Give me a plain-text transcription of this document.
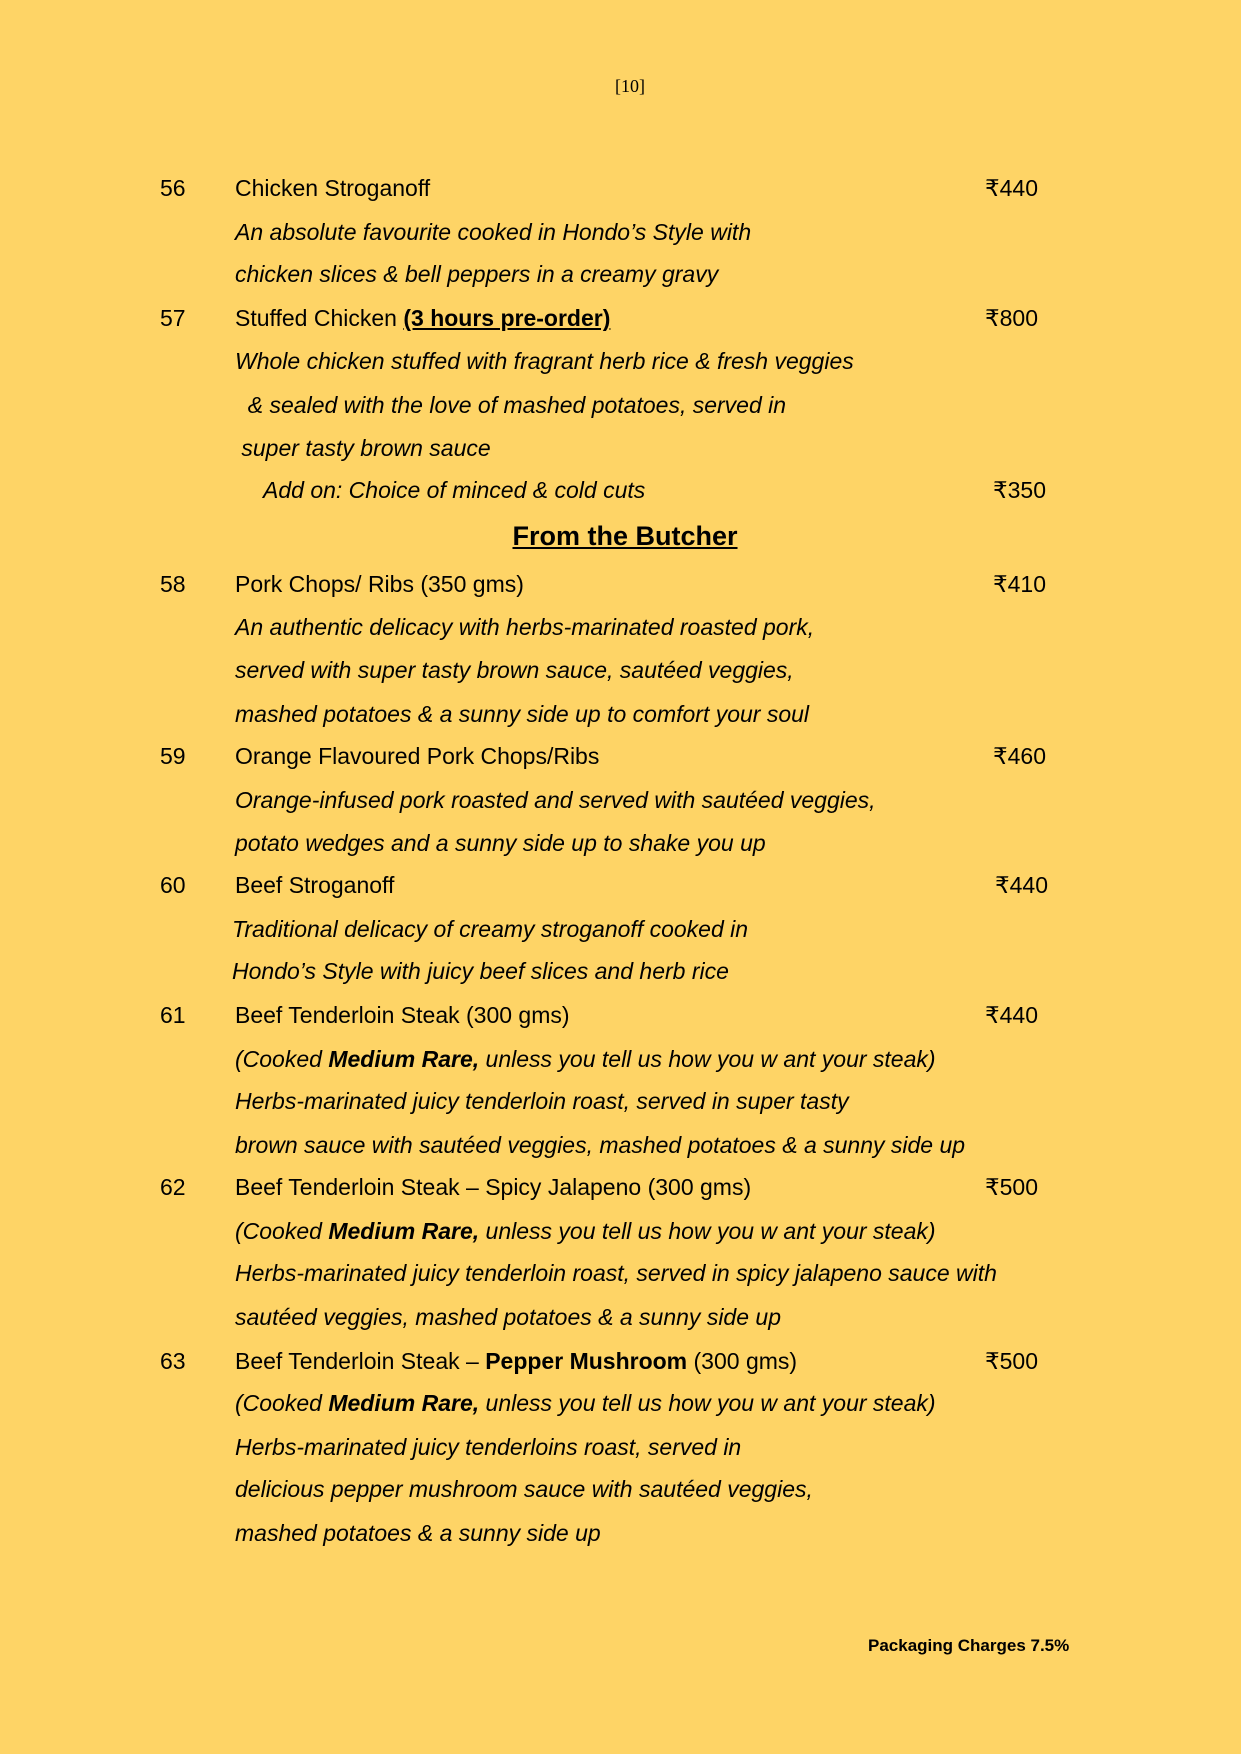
[10]
56 Chicken Stroganoff	₹440
An absolute favourite cooked in Hondo’s Style with
chicken slices & bell peppers in a creamy gravy
57 Stuffed Chicken (3 hours pre-order)	₹800
Whole chicken stuffed with fragrant herb rice & fresh veggies
& sealed with the love of mashed potatoes, served in
super tasty brown sauce
Add on: Choice of minced & cold cuts	₹350
58 Pork Chops/ Ribs (350 gms)	₹410
An authentic delicacy with herbs-marinated roasted pork,
served with super tasty brown sauce, sautéed veggies,
mashed potatoes & a sunny side up to comfort your soul
59 Orange Flavoured Pork Chops/Ribs	₹460
Orange-infused pork roasted and served with sautéed veggies,
potato wedges and a sunny side up to shake you up
60 Beef Stroganoff	₹440
Traditional delicacy of creamy stroganoff cooked in
Hondo’s Style with juicy beef slices and herb rice
61 Beef Tenderloin Steak (300 gms)	₹440
(Cooked Medium Rare, unless you tell us how you w ant your steak)
Herbs-marinated juicy tenderloin roast, served in super tasty
brown sauce with sautéed veggies, mashed potatoes & a sunny side up
62 Beef Tenderloin Steak – Spicy Jalapeno (300 gms)	₹500
(Cooked Medium Rare, unless you tell us how you w ant your steak)
Herbs-marinated juicy tenderloin roast, served in spicy jalapeno sauce with
sautéed veggies, mashed potatoes & a sunny side up
63 Beef Tenderloin Steak – Pepper Mushroom (300 gms)	₹500
(Cooked Medium Rare, unless you tell us how you w ant your steak)
Herbs-marinated juicy tenderloins roast, served in
delicious pepper mushroom sauce with sautéed veggies,
mashed potatoes & a sunny side up
From the Butcher
Packaging Charges 7.5%
